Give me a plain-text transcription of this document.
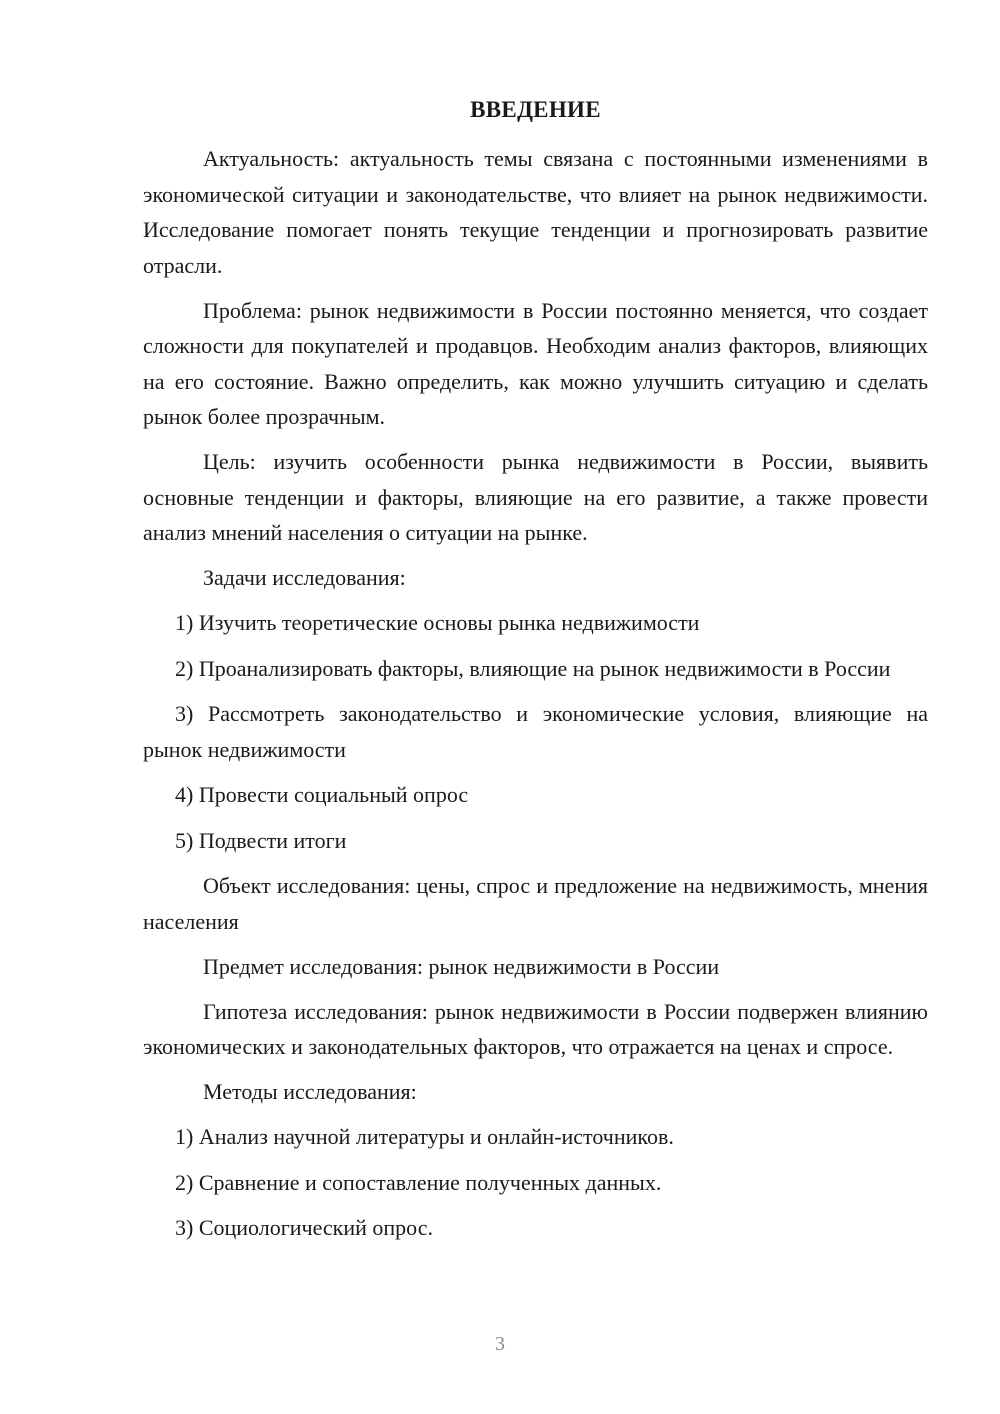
ВВЕДЕНИЕ

Актуальность: актуальность темы связана с постоянными изменениями в экономической ситуации и законодательстве, что влияет на рынок недвижимости. Исследование помогает понять текущие тенденции и прогнозировать развитие отрасли.

Проблема: рынок недвижимости в России постоянно меняется, что создает сложности для покупателей и продавцов. Необходим анализ факторов, влияющих на его состояние. Важно определить, как можно улучшить ситуацию и сделать рынок более прозрачным.

Цель: изучить особенности рынка недвижимости в России, выявить основные тенденции и факторы, влияющие на его развитие, а также провести анализ мнений населения о ситуации на рынке.

Задачи исследования:

1) Изучить теоретические основы рынка недвижимости

2) Проанализировать факторы, влияющие на рынок недвижимости в России

3) Рассмотреть законодательство и экономические условия, влияющие на рынок недвижимости

4) Провести социальный опрос

5) Подвести итоги

Объект исследования: цены, спрос и предложение на недвижимость, мнения населения

Предмет исследования: рынок недвижимости в России

Гипотеза исследования: рынок недвижимости в России подвержен влиянию экономических и законодательных факторов, что отражается на ценах и спросе.

Методы исследования:

1) Анализ научной литературы и онлайн-источников.

2) Сравнение и сопоставление полученных данных.

3) Социологический опрос.

3
